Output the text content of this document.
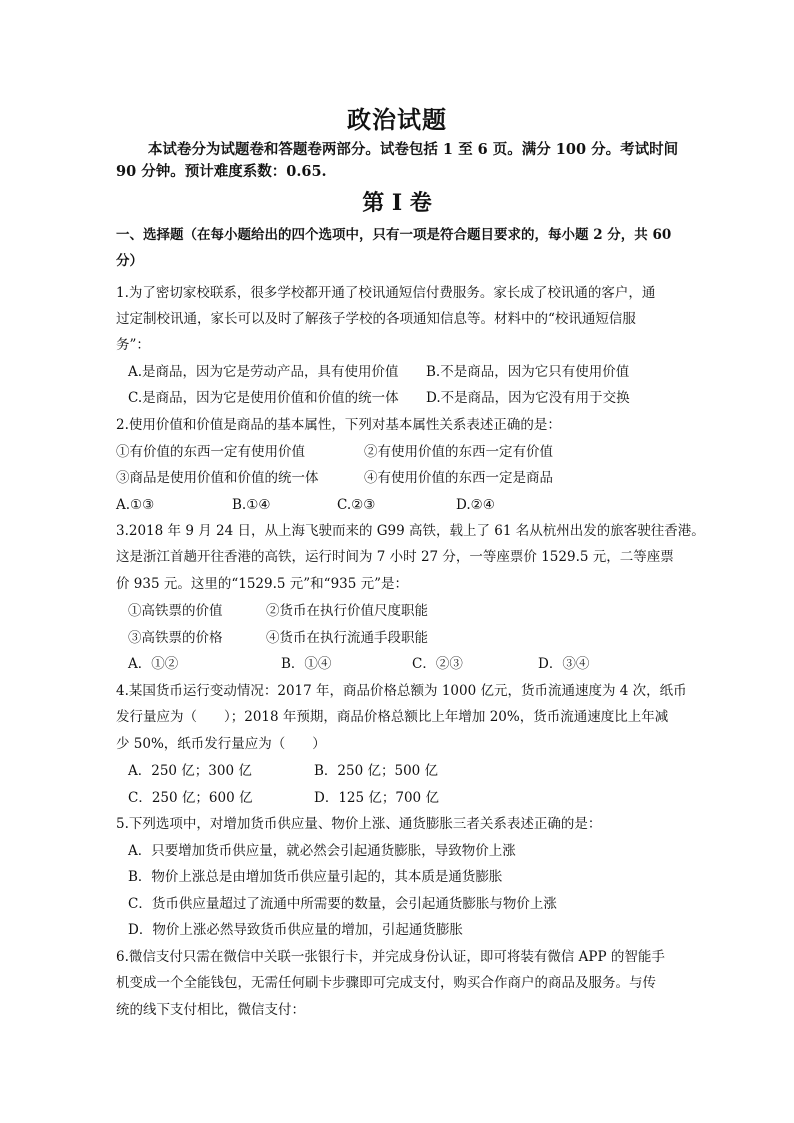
政治试题
本试卷分为试题卷和答题卷两部分。试卷包括 1 至 6 页。满分 100 分。考试时间 90 分钟。预计难度系数：0.65.
第 I 卷
一、选择题（在每小题给出的四个选项中，只有一项是符合题目要求的，每小题 2 分，共 60 分）
1.为了密切家校联系，很多学校都开通了校讯通短信付费服务。家长成了校讯通的客户，通
过定制校讯通，家长可以及时了解孩子学校的各项通知信息等。材料中的“校讯通短信服
务”：
A.是商品，因为它是劳动产品，具有使用价值 B.不是商品，因为它只有使用价值
C.是商品，因为它是使用价值和价值的统一体 D.不是商品，因为它没有用于交换
2.使用价值和价值是商品的基本属性，下列对基本属性关系表述正确的是：
①有价值的东西一定有使用价值	②有使用价值的东西一定有价值
③商品是使用价值和价值的统一体	④有使用价值的东西一定是商品
A.①③	B.①④	C.②③	D.②④
3.2018 年 9 月 24 日，从上海飞驶而来的 G99 高铁，载上了 61 名从杭州出发的旅客驶往香港。
这是浙江首趟开往香港的高铁，运行时间为 7 小时 27 分，一等座票价 1529.5 元，二等座票
价 935 元。这里的“1529.5 元”和“935 元”是：
①高铁票的价值	②货币在执行价值尺度职能
③高铁票的价格	④货币在执行流通手段职能
A．①②	B．①④	C．②③	D．③④
4.某国货币运行变动情况：2017 年，商品价格总额为 1000 亿元，货币流通速度为 4 次，纸币
发行量应为（　　）；2018 年预期，商品价格总额比上年增加 20%，货币流通速度比上年减
少 50%，纸币发行量应为（　　）
A．250 亿；300 亿	B．250 亿；500 亿
C．250 亿；600 亿	D．125 亿；700 亿
5.下列选项中，对增加货币供应量、物价上涨、通货膨胀三者关系表述正确的是：
A．只要增加货币供应量，就必然会引起通货膨胀，导致物价上涨
B．物价上涨总是由增加货币供应量引起的，其本质是通货膨胀
C．货币供应量超过了流通中所需要的数量，会引起通货膨胀与物价上涨
D．物价上涨必然导致货币供应量的增加，引起通货膨胀
6.微信支付只需在微信中关联一张银行卡，并完成身份认证，即可将装有微信 APP 的智能手
机变成一个全能钱包，无需任何刷卡步骤即可完成支付，购买合作商户的商品及服务。与传
统的线下支付相比，微信支付：
